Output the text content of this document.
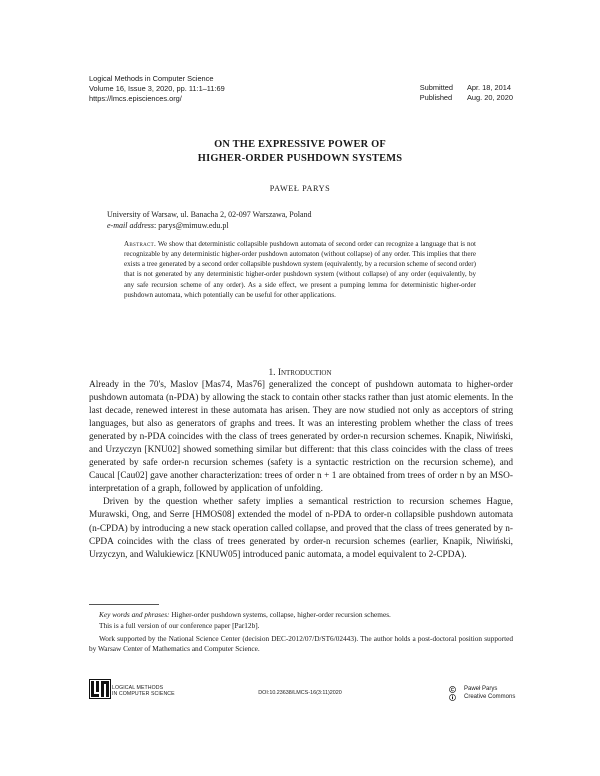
Logical Methods in Computer Science
Volume 16, Issue 3, 2020, pp. 11:1–11:69
https://lmcs.episciences.org/
Submitted	Apr. 18, 2014
Published	Aug. 20, 2020
ON THE EXPRESSIVE POWER OF
HIGHER-ORDER PUSHDOWN SYSTEMS
PAWEŁ PARYS
University of Warsaw, ul. Banacha 2, 02-097 Warszawa, Poland
e-mail address: parys@mimuw.edu.pl
Abstract. We show that deterministic collapsible pushdown automata of second order can recognize a language that is not recognizable by any deterministic higher-order pushdown automaton (without collapse) of any order. This implies that there exists a tree generated by a second order collapsible pushdown system (equivalently, by a recursion scheme of second order) that is not generated by any deterministic higher-order pushdown system (without collapse) of any order (equivalently, by any safe recursion scheme of any order). As a side effect, we present a pumping lemma for deterministic higher-order pushdown automata, which potentially can be useful for other applications.
1. Introduction

Already in the 70's, Maslov [Mas74, Mas76] generalized the concept of pushdown automata to higher-order pushdown automata (n-PDA) by allowing the stack to contain other stacks rather than just atomic elements. In the last decade, renewed interest in these automata has arisen. They are now studied not only as acceptors of string languages, but also as generators of graphs and trees. It was an interesting problem whether the class of trees generated by n-PDA coincides with the class of trees generated by order-n recursion schemes. Knapik, Niwiński, and Urzyczyn [KNU02] showed something similar but different: that this class coincides with the class of trees generated by safe order-n recursion schemes (safety is a syntactic restriction on the recursion scheme), and Caucal [Cau02] gave another characterization: trees of order n + 1 are obtained from trees of order n by an MSO-interpretation of a graph, followed by application of unfolding.

Driven by the question whether safety implies a semantical restriction to recursion schemes Hague, Murawski, Ong, and Serre [HMOS08] extended the model of n-PDA to order-n collapsible pushdown automata (n-CPDA) by introducing a new stack operation called collapse, and proved that the class of trees generated by n-CPDA coincides with the class of trees generated by order-n recursion schemes (earlier, Knapik, Niwiński, Urzyczyn, and Walukiewicz [KNUW05] introduced panic automata, a model equivalent to 2-CPDA).

Key words and phrases: Higher-order pushdown systems, collapse, higher-order recursion schemes.
This is a full version of our conference paper [Par12b].
Work supported by the National Science Center (decision DEC-2012/07/D/ST6/02443). The author holds a post-doctoral position supported by Warsaw Center of Mathematics and Computer Science.
LOGICAL METHODS
IN COMPUTER SCIENCE	DOI:10.23638/LMCS-16(3:11)2020
Paweł Parys
Creative Commons
